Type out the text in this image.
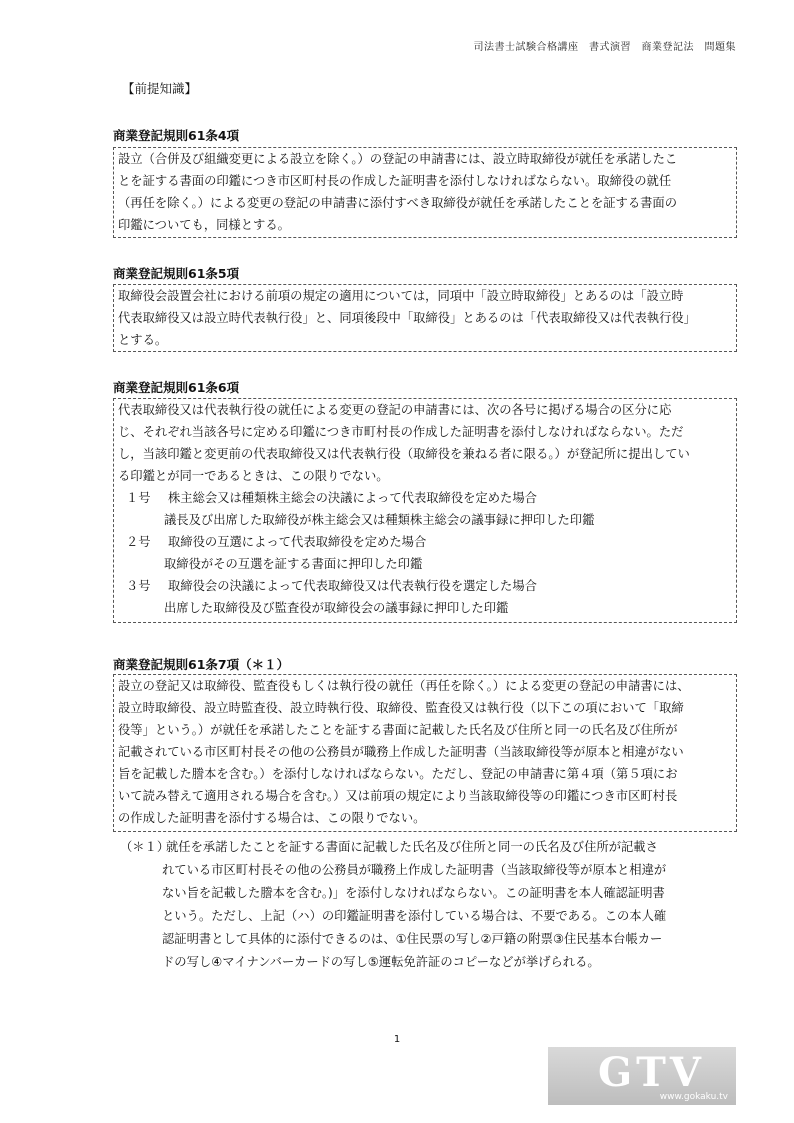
司法書士試験合格講座　書式演習　商業登記法　問題集
【前提知識】
商業登記規則61条4項
設立（合併及び組織変更による設立を除く。）の登記の申請書には、設立時取締役が就任を承諾したこ
とを証する書面の印鑑につき市区町村長の作成した証明書を添付しなければならない。取締役の就任
（再任を除く。）による変更の登記の申請書に添付すべき取締役が就任を承諾したことを証する書面の
印鑑についても，同様とする。
商業登記規則61条5項
取締役会設置会社における前項の規定の適用については，同項中「設立時取締役」とあるのは「設立時
代表取締役又は設立時代表執行役」と、同項後段中「取締役」とあるのは「代表取締役又は代表執行役」
とする。
商業登記規則61条6項
代表取締役又は代表執行役の就任による変更の登記の申請書には、次の各号に掲げる場合の区分に応
じ、それぞれ当該各号に定める印鑑につき市町村長の作成した証明書を添付しなければならない。ただ
し，当該印鑑と変更前の代表取締役又は代表執行役（取締役を兼ねる者に限る。）が登記所に提出してい
る印鑑とが同一であるときは、この限りでない。
１号 株主総会又は種類株主総会の決議によって代表取締役を定めた場合
議長及び出席した取締役が株主総会又は種類株主総会の議事録に押印した印鑑
２号 取締役の互選によって代表取締役を定めた場合
取締役がその互選を証する書面に押印した印鑑
３号 取締役会の決議によって代表取締役又は代表執行役を選定した場合
出席した取締役及び監査役が取締役会の議事録に押印した印鑑
商業登記規則61条7項（＊１）
設立の登記又は取締役、監査役もしくは執行役の就任（再任を除く。）による変更の登記の申請書には、
設立時取締役、設立時監査役、設立時執行役、取締役、監査役又は執行役（以下この項において「取締
役等」という。）が就任を承諾したことを証する書面に記載した氏名及び住所と同一の氏名及び住所が
記載されている市区町村長その他の公務員が職務上作成した証明書（当該取締役等が原本と相違がない
旨を記載した謄本を含む。）を添付しなければならない。ただし、登記の申請書に第４項（第５項にお
いて読み替えて適用される場合を含む。）又は前項の規定により当該取締役等の印鑑につき市区町村長
の作成した証明書を添付する場合は、この限りでない。
（＊１）就任を承諾したことを証する書面に記載した氏名及び住所と同一の氏名及び住所が記載さ
れている市区町村長その他の公務員が職務上作成した証明書（当該取締役等が原本と相違が
ない旨を記載した謄本を含む。)」を添付しなければならない。この証明書を本人確認証明書
という。ただし、上記（ハ）の印鑑証明書を添付している場合は、不要である。この本人確
認証明書として具体的に添付できるのは、①住民票の写し②戸籍の附票③住民基本台帳カー
ドの写し④マイナンバーカードの写し⑤運転免許証のコピーなどが挙げられる。
1
GTV
www.gokaku.tv
